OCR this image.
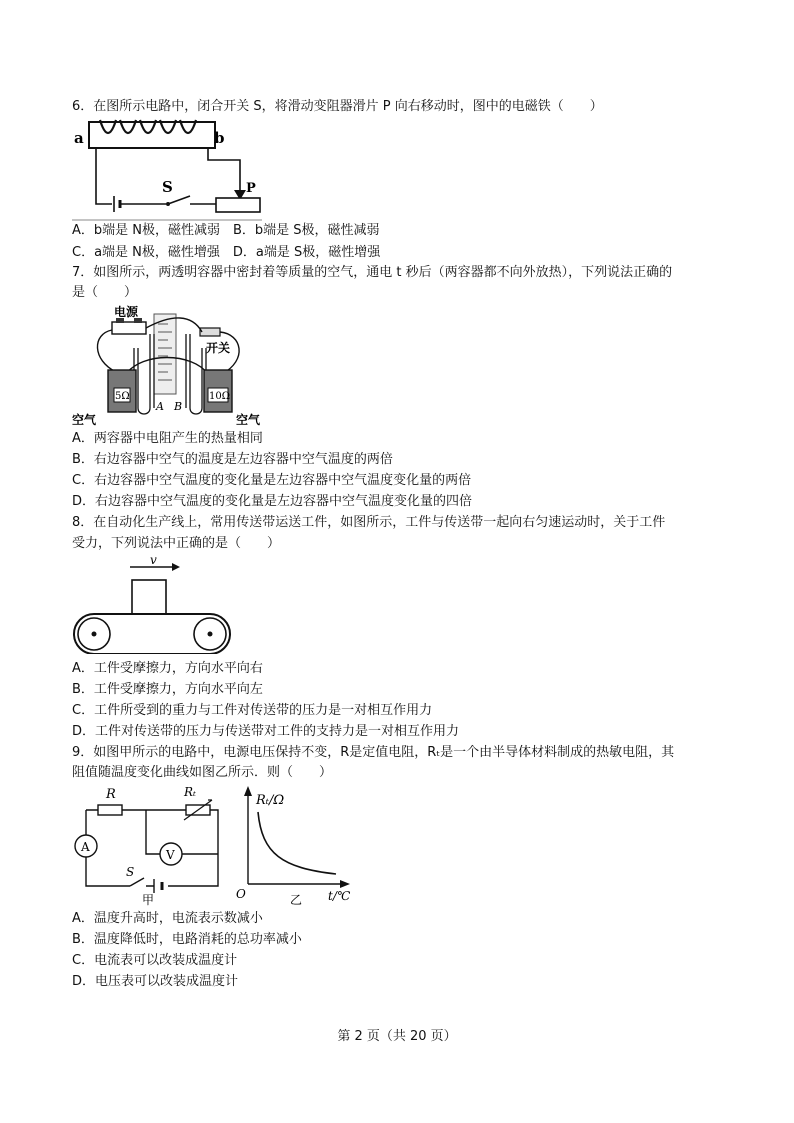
6．在图所示电路中，闭合开关 S，将滑动变阻器滑片 P 向右移动时，图中的电磁铁（　　）
a	b
S	P
A．b端是 N极，磁性减弱　B．b端是 S极，磁性减弱
C．a端是 N极，磁性增强　D．a端是 S极，磁性增强
7．如图所示，两透明容器中密封着等质量的空气，通电 t 秒后（两容器都不向外放热），下列说法正确的
是（　　）
电源
开关
5Ω	10Ω
A B
空气	空气
A．两容器中电阻产生的热量相同
B．右边容器中空气的温度是左边容器中空气温度的两倍
C．右边容器中空气温度的变化量是左边容器中空气温度变化量的两倍
D．右边容器中空气温度的变化量是左边容器中空气温度变化量的四倍
8．在自动化生产线上，常用传送带运送工件，如图所示，工件与传送带一起向右匀速运动时，关于工件
受力，下列说法中正确的是（　　）
v
A．工件受摩擦力，方向水平向右
B．工件受摩擦力，方向水平向左
C．工件所受到的重力与工件对传送带的压力是一对相互作用力
D．工件对传送带的压力与传送带对工件的支持力是一对相互作用力
9．如图甲所示的电路中，电源电压保持不变，R是定值电阻，Rₜ是一个由半导体材料制成的热敏电阻，其
阻值随温度变化曲线如图乙所示．则（　　）
R	Rₜ
A
V
S
甲
Rₜ/Ω
O	乙 t/℃
A．温度升高时，电流表示数减小
B．温度降低时，电路消耗的总功率减小
C．电流表可以改装成温度计
D．电压表可以改装成温度计
第 2 页（共 20 页）
